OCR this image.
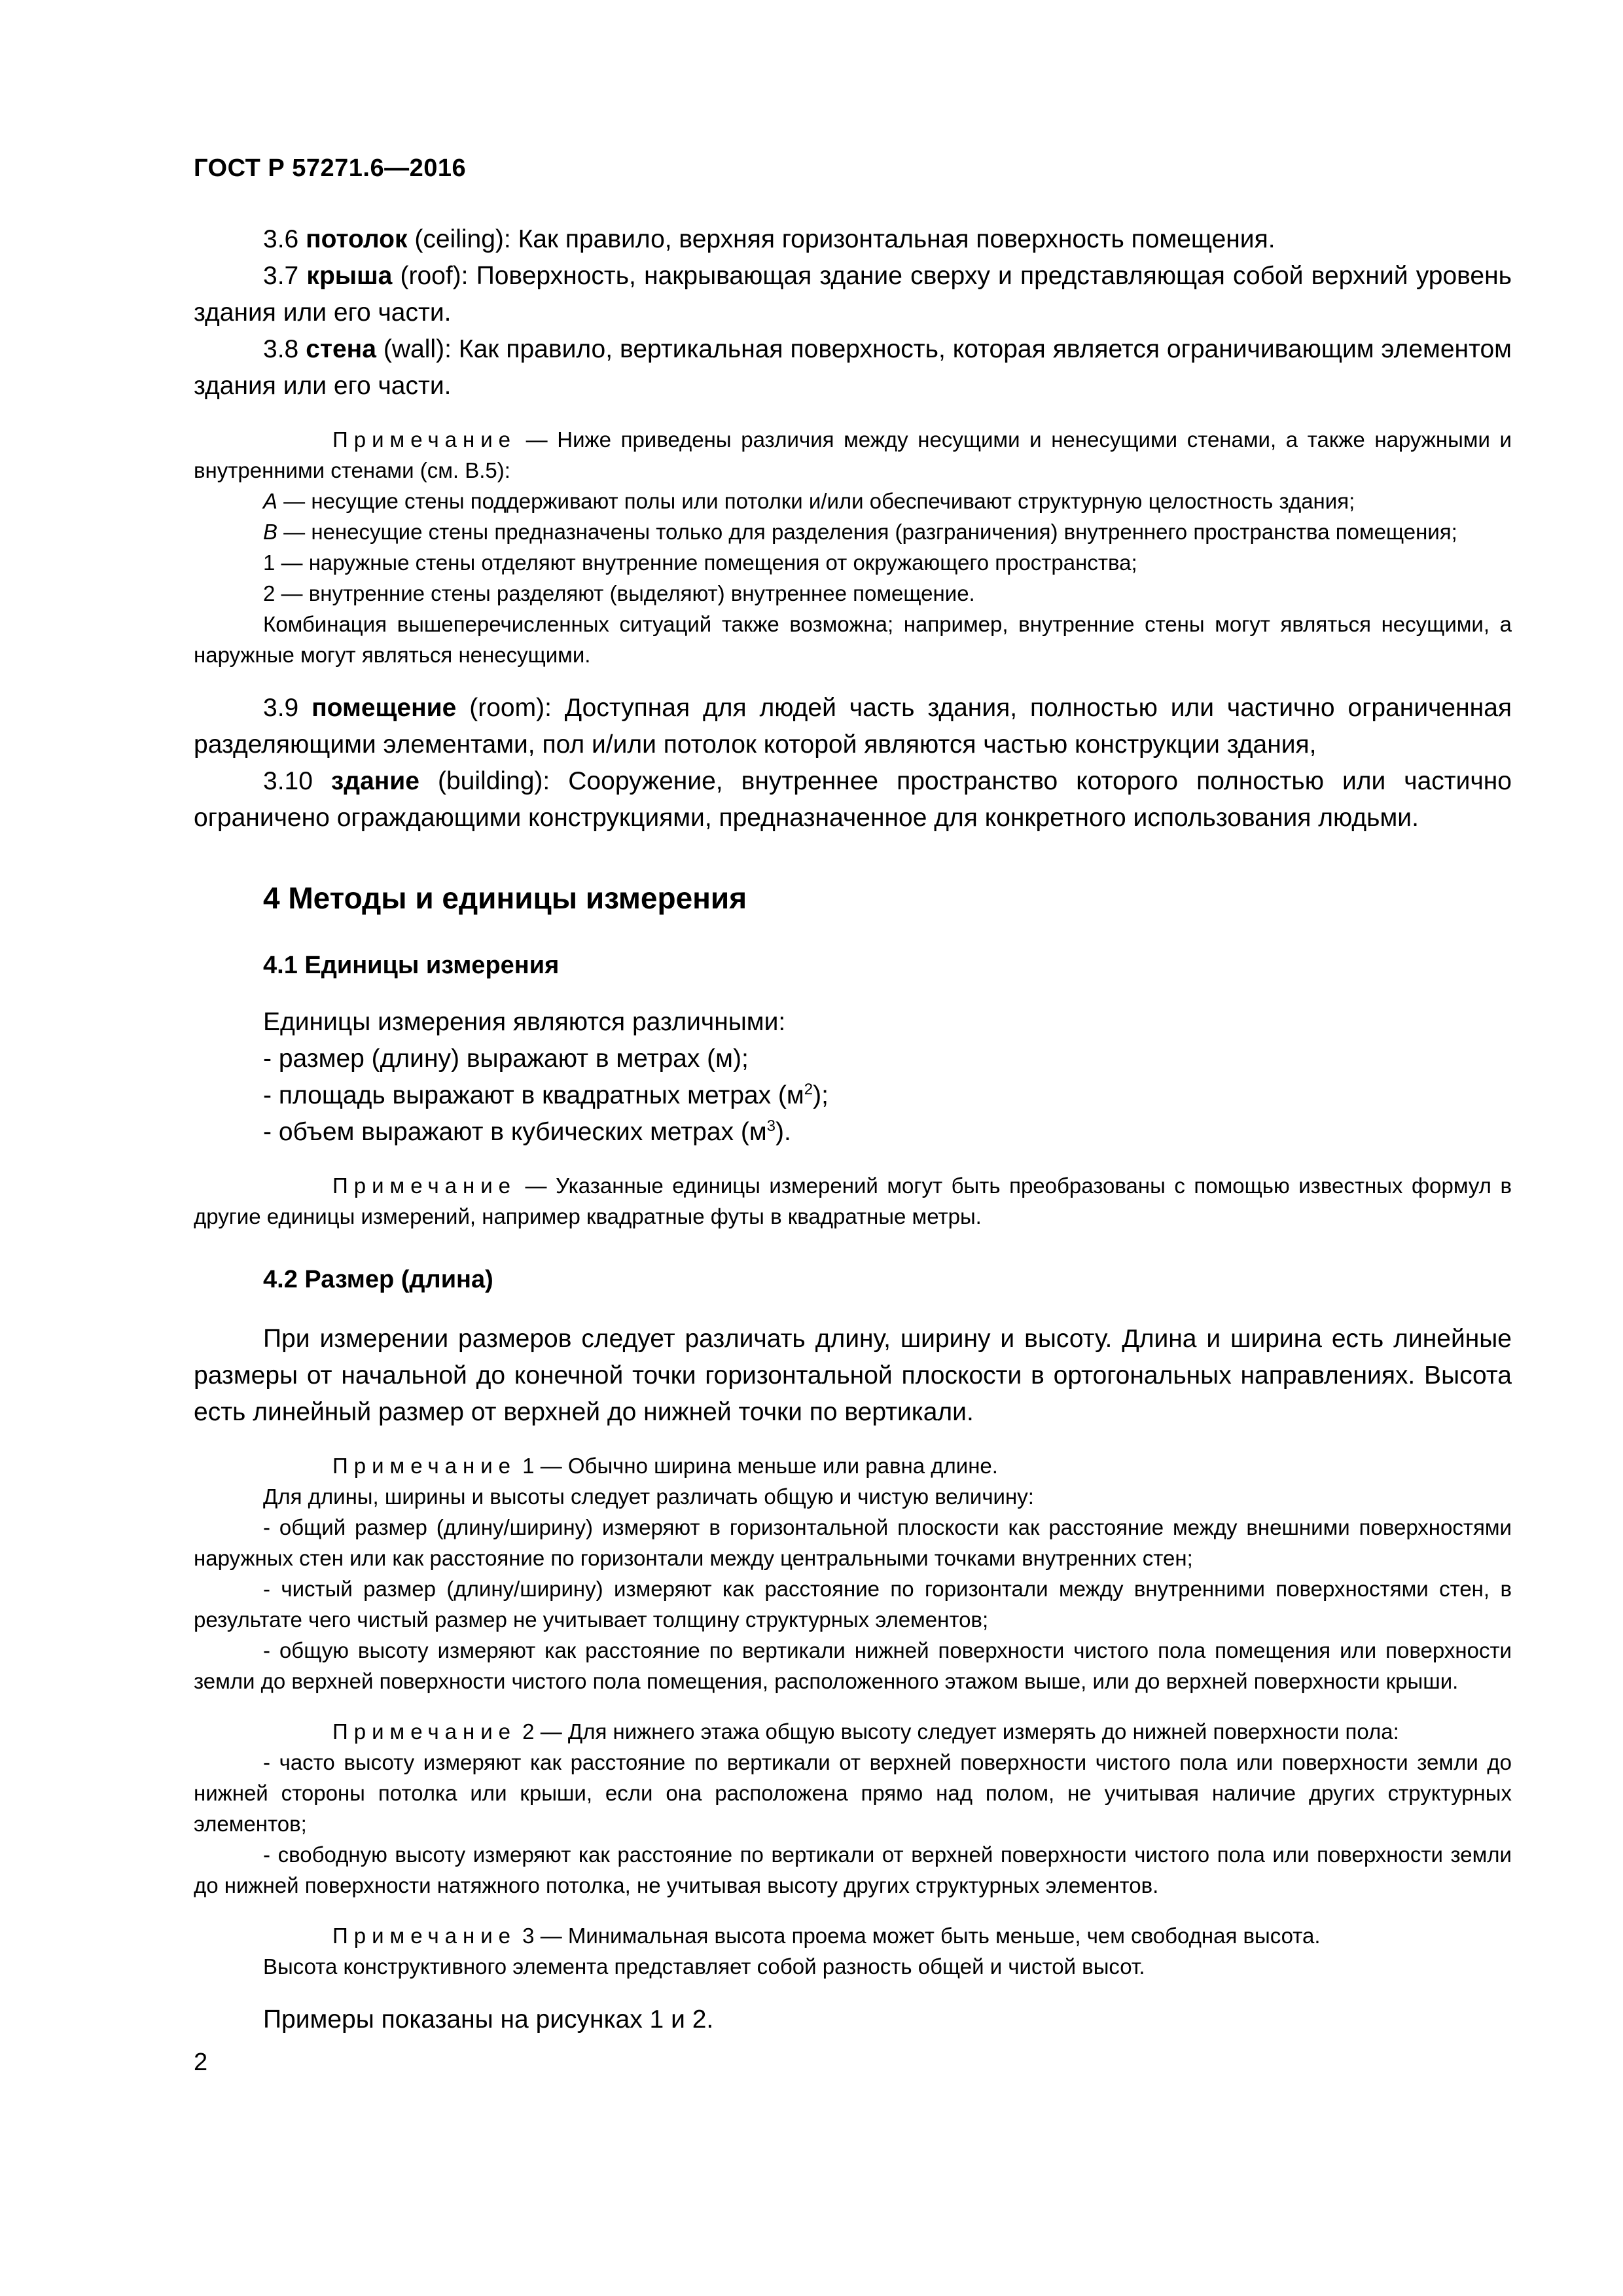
ГОСТ Р 57271.6—2016

3.6 потолок (ceiling): Как правило, верхняя горизонтальная поверхность помещения.

3.7 крыша (roof): Поверхность, накрывающая здание сверху и представляющая собой верхний уровень здания или его части.

3.8 стена (wall): Как правило, вертикальная поверхность, которая является ограничивающим элементом здания или его части.

Примечание — Ниже приведены различия между несущими и ненесущими стенами, а также наружными и внутренними стенами (см. В.5):

А — несущие стены поддерживают полы или потолки и/или обеспечивают структурную целостность здания;

В — ненесущие стены предназначены только для разделения (разграничения) внутреннего пространства помещения;

1 — наружные стены отделяют внутренние помещения от окружающего пространства;

2 — внутренние стены разделяют (выделяют) внутреннее помещение.

Комбинация вышеперечисленных ситуаций также возможна; например, внутренние стены могут являться несущими, а наружные могут являться ненесущими.

3.9 помещение (room): Доступная для людей часть здания, полностью или частично ограниченная разделяющими элементами, пол и/или потолок которой являются частью конструкции здания,

3.10 здание (building): Сооружение, внутреннее пространство которого полностью или частично ограничено ограждающими конструкциями, предназначенное для конкретного использования людьми.

4 Методы и единицы измерения
4.1 Единицы измерения
Единицы измерения являются различными:
- размер (длину) выражают в метрах (м);
- площадь выражают в квадратных метрах $(м^2)$;
- объем выражают в кубических метрах $(м^3)$.

Примечание — Указанные единицы измерений могут быть преобразованы с помощью известных формул в другие единицы измерений, например квадратные футы в квадратные метры.

4.2 Размер (длина)

При измерении размеров следует различать длину, ширину и высоту. Длина и ширина есть линейные размеры от начальной до конечной точки горизонтальной плоскости в ортогональных направлениях. Высота есть линейный размер от верхней до нижней точки по вертикали.

Примечание 1 — Обычно ширина меньше или равна длине.

Для длины, ширины и высоты следует различать общую и чистую величину:

- общий размер (длину/ширину) измеряют в горизонтальной плоскости как расстояние между внешними поверхностями наружных стен или как расстояние по горизонтали между центральными точками внутренних стен;

- чистый размер (длину/ширину) измеряют как расстояние по горизонтали между внутренними поверхностями стен, в результате чего чистый размер не учитывает толщину структурных элементов;

- общую высоту измеряют как расстояние по вертикали нижней поверхности чистого пола помещения или поверхности земли до верхней поверхности чистого пола помещения, расположенного этажом выше, или до верхней поверхности крыши.

Примечание 2 — Для нижнего этажа общую высоту следует измерять до нижней поверхности пола:

- часто высоту измеряют как расстояние по вертикали от верхней поверхности чистого пола или поверхности земли до нижней стороны потолка или крыши, если она расположена прямо над полом, не учитывая наличие других структурных элементов;

- свободную высоту измеряют как расстояние по вертикали от верхней поверхности чистого пола или поверхности земли до нижней поверхности натяжного потолка, не учитывая высоту других структурных элементов.

Примечание 3 — Минимальная высота проема может быть меньше, чем свободная высота.

Высота конструктивного элемента представляет собой разность общей и чистой высот.

Примеры показаны на рисунках 1 и 2.

2
